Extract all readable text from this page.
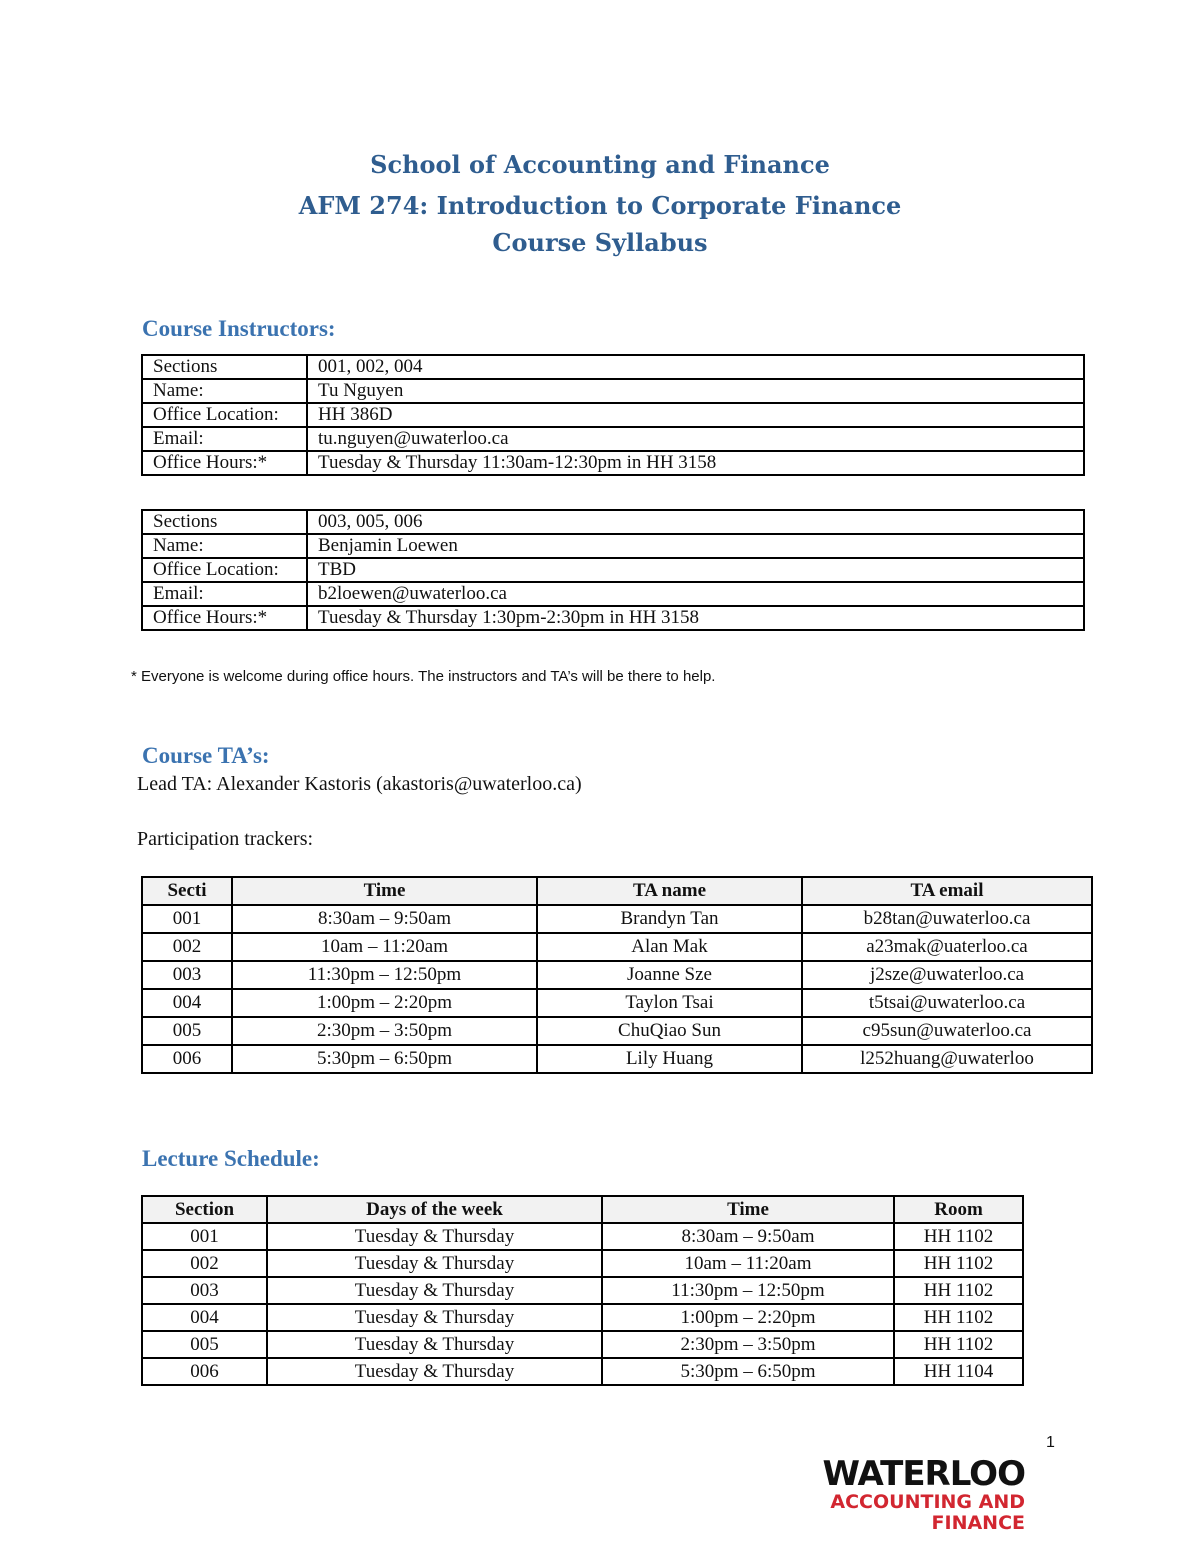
School of Accounting and Finance
AFM 274: Introduction to Corporate Finance
Course Syllabus
Course Instructors:
Sections	001, 002, 004
Name:	Tu Nguyen
Office Location:	HH 386D
Email:	tu.nguyen@uwaterloo.ca
Office Hours:*	Tuesday & Thursday 11:30am-12:30pm in HH 3158
Sections	003, 005, 006
Name:	Benjamin Loewen
Office Location:	TBD
Email:	b2loewen@uwaterloo.ca
Office Hours:*	Tuesday & Thursday 1:30pm-2:30pm in HH 3158
* Everyone is welcome during office hours. The instructors and TA’s will be there to help.
Course TA’s:
Lead TA: Alexander Kastoris (akastoris@uwaterloo.ca)
Participation trackers:
Secti	Time	TA name	TA email
001	8:30am – 9:50am	Brandyn Tan	b28tan@uwaterloo.ca
002	10am – 11:20am	Alan Mak	a23mak@uaterloo.ca
003	11:30pm – 12:50pm	Joanne Sze	j2sze@uwaterloo.ca
004	1:00pm – 2:20pm	Taylon Tsai	t5tsai@uwaterloo.ca
005	2:30pm – 3:50pm	ChuQiao Sun	c95sun@uwaterloo.ca
006	5:30pm – 6:50pm	Lily Huang	l252huang@uwaterloo
Lecture Schedule:
Section	Days of the week	Time	Room
001	Tuesday & Thursday	8:30am – 9:50am	HH 1102
002	Tuesday & Thursday	10am – 11:20am	HH 1102
003	Tuesday & Thursday	11:30pm – 12:50pm	HH 1102
004	Tuesday & Thursday	1:00pm – 2:20pm	HH 1102
005	Tuesday & Thursday	2:30pm – 3:50pm	HH 1102
006	Tuesday & Thursday	5:30pm – 6:50pm	HH 1104
1
WATERLOO
ACCOUNTING AND
FINANCE
